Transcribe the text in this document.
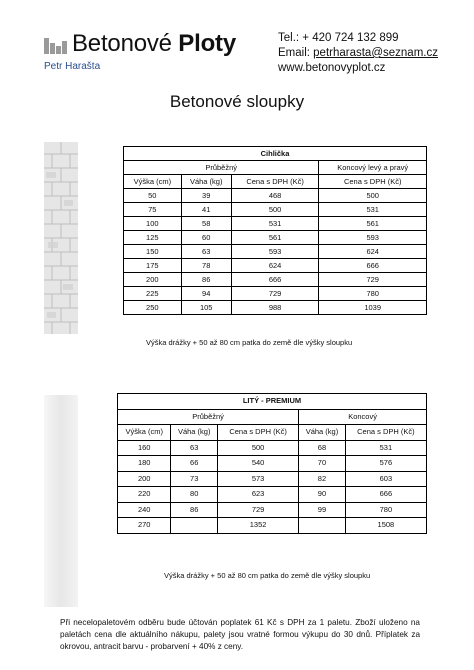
Betonové Ploty
Petr Harašta
Tel.: + 420 724 132 899
Email: petrharasta@seznam.cz
www.betonovyplot.cz
Betonové sloupky
Cihlička			
Průběžný			Koncový levý a pravý
Výška (cm)	Váha (kg)	Cena s DPH (Kč)	Cena s DPH (Kč)
50	39	468	500
75	41	500	531
100	58	531	561
125	60	561	593
150	63	593	624
175	78	624	666
200	86	666	729
225	94	729	780
250	105	988	1039
Výška drážky + 50 až 80 cm patka do země dle výšky sloupku
LITÝ - PREMIUM				
Průběžný			Koncový	
Výška (cm)	Váha (kg)	Cena s DPH (Kč)	Váha (kg)	Cena s DPH (Kč)
160	63	500	68	531
180	66	540	70	576
200	73	573	82	603
220	80	623	90	666
240	86	729	99	780
270		1352		1508
Výška drážky + 50 až 80 cm patka do země dle výšky sloupku
Při necelopaletovém odběru bude účtován poplatek 61 Kč s DPH za 1 paletu. Zboží uloženo na paletách cena dle aktuálního nákupu, palety jsou vratné formou výkupu do 30 dnů. Příplatek za okrovou, antracit barvu - probarvení + 40% z ceny.
